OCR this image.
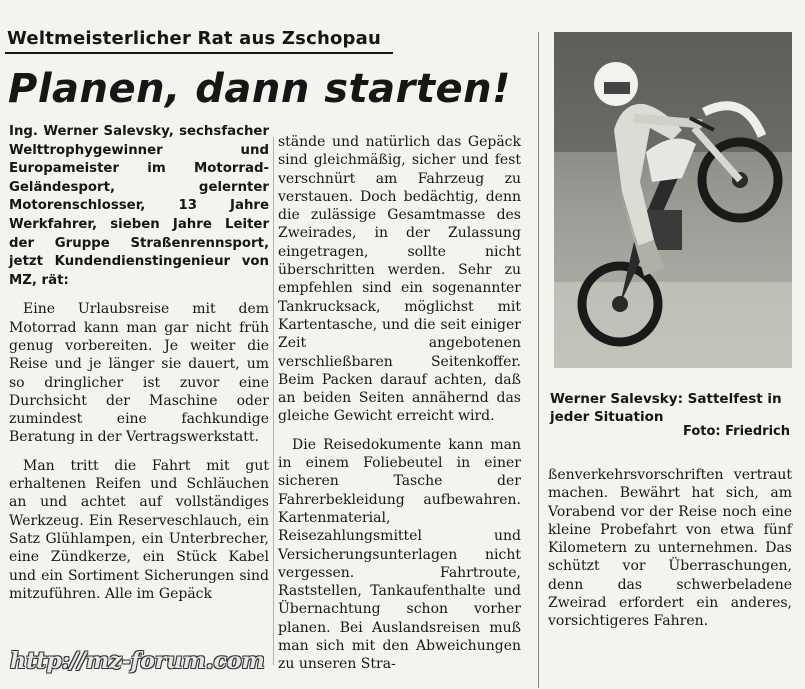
Weltmeisterlicher Rat aus Zschopau
Planen, dann starten!

Ing. Werner Salevsky, sechsfacher Welttrophygewinner und Europameister im Motorrad-Geländesport, gelernter Motorenschlosser, 13 Jahre Werkfahrer, sieben Jahre Leiter der Gruppe Straßenrennsport, jetzt Kundendienstingenieur von MZ, rät:

Eine Urlaubsreise mit dem Motorrad kann man gar nicht früh genug vorbereiten. Je weiter die Reise und je länger sie dauert, um so dringlicher ist zuvor eine Durchsicht der Maschine oder zumindest eine fachkundige Beratung in der Vertragswerkstatt.

Man tritt die Fahrt mit gut erhaltenen Reifen und Schläuchen an und achtet auf vollständiges Werkzeug. Ein Reserveschlauch, ein Satz Glühlampen, ein Unterbrecher, eine Zündkerze, ein Stück Kabel und ein Sortiment Sicherungen sind mitzuführen. Alle im Gepäck

stände und natürlich das Gepäck sind gleichmäßig, sicher und fest verschnürt am Fahrzeug zu verstauen. Doch bedächtig, denn die zulässige Gesamtmasse des Zweirades, in der Zulassung eingetragen, sollte nicht überschritten werden. Sehr zu empfehlen sind ein sogenannter Tankrucksack, möglichst mit Kartentasche, und die seit einiger Zeit angebotenen verschließbaren Seitenkoffer. Beim Packen darauf achten, daß an beiden Seiten annähernd das gleiche Gewicht erreicht wird.

Die Reisedokumente kann man in einem Foliebeutel in einer sicheren Tasche der Fahrerbekleidung aufbewahren. Kartenmaterial, Reisezahlungsmittel und Versicherungsunterlagen nicht vergessen. Fahrtroute, Raststellen, Tankaufenthalte und Übernachtung schon vorher planen. Bei Auslandsreisen muß man sich mit den Abweichungen zu unseren Stra-

Werner Salevsky: Sattelfest in jeder Situation
Foto: Friedrich

ßenverkehrsvorschriften vertraut machen. Bewährt hat sich, am Vorabend vor der Reise noch eine kleine Probefahrt von etwa fünf Kilometern zu unternehmen. Das schützt vor Überraschungen, denn das schwerbeladene Zweirad erfordert ein anderes, vorsichtigeres Fahren.

http://mz-forum.com
